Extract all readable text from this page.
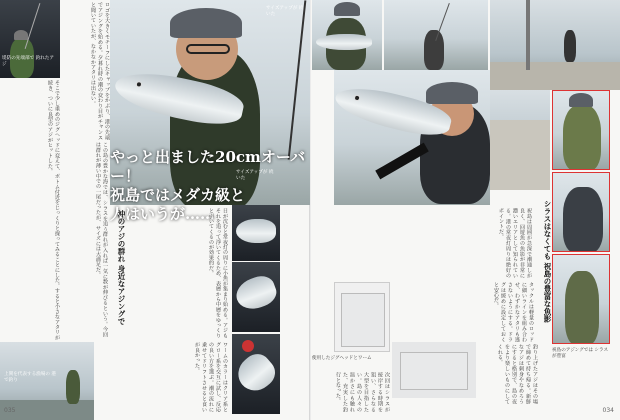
堤防の先端部で 釣れたアジ	ロゴを大きくモチーフにしたキャップをかぶり、港の先端でアジングを始める。夕暮れ時の潮の変わり目がチャンスと聞いていたが、なかなかアタリは出ない。
そこで少し重めのジグヘッドに変えて、ボトム付近をじっくりと探ってみることにした。すると小さなアタリが続き、ついに良型のアジがヒットした。
サイズアップが 続いた
やっと出ました20cmオーバー！
祝島ではメダカ級と
人はいうが……
サイズアップが 続いた
沖のアジの群れ 身近なアジングで	日が沈むと常夜灯の周りに小魚が集まり始める。アジもそれを追って浮いてくるため、表層から中層をゆっくりと引いてくるのが効果的だ。
この島の豊かな海では、シラスを追う群れが入れば一気に数が伸びるという。今回は群れが薄い中での一尾だったが、サイズには大満足だ。
ワームのカラーはクリア系とグロー系を交互に試し、反応の良い方を選ぶ。潮の流れに乗せてドリフトさせると食いが良かった。
上関を代表する漁場の 港で釣り
035
シラスはなくても 祝島の豊富な魚影
祝島は周囲が急深で潮通しが良く、回遊魚の魚影が非常に濃いエリアとして知られている。港の常夜灯周りは絶好のポイントだ。
タックルは軽量のロッドに細いラインを組み合わせ、わずかなアタリも逃さないようにする。ドラグは緩めに設定しておくと安心だ。
使用したジグヘッドとワーム	釣り上げたアジはその場で締めて持ち帰る。新鮮なアジは刺身やなめろうにすると格別で、島の夜をより楽しいものにしてくれる。
次回はシラスが接岸する時期を狙い、さらなる大型を目指したい。島の人々の温かさにも触れた、充実した釣行となった。
祝島のアジングでは シラスが豊富
034
